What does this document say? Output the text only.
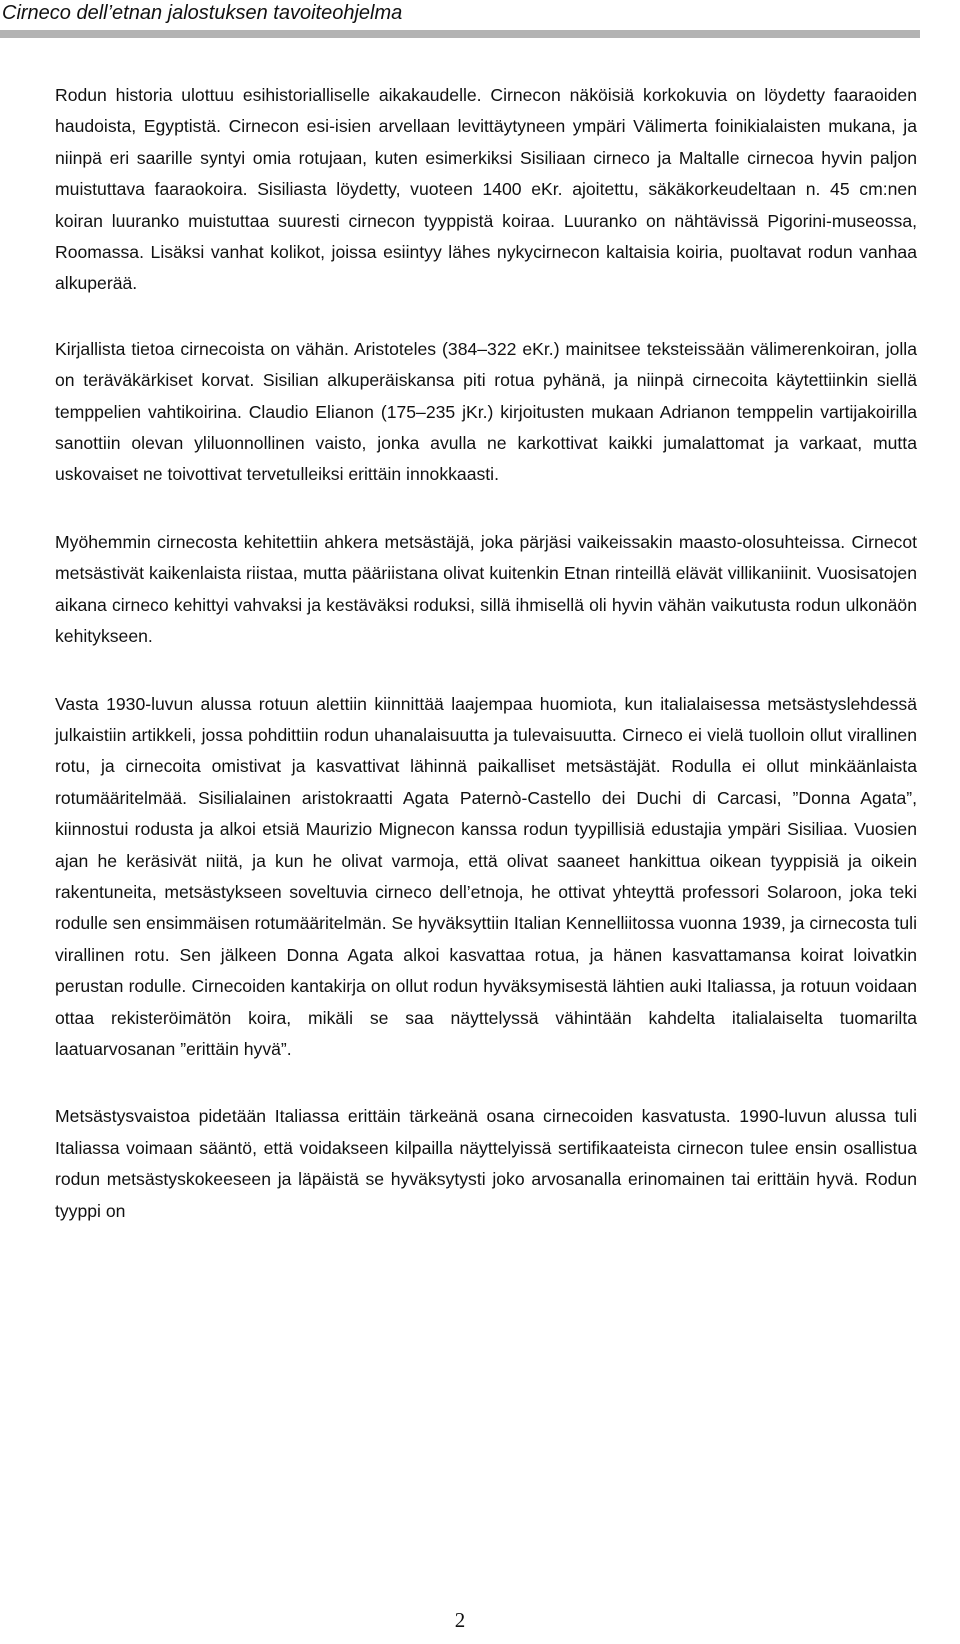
Cirneco dell’etnan jalostuksen tavoiteohjelma

Rodun historia ulottuu esihistorialliselle aikakaudelle. Cirnecon näköisiä korkokuvia on löydetty faaraoiden haudoista, Egyptistä. Cirnecon esi-isien arvellaan levittäytyneen ympäri Välimerta foinikialaisten mukana, ja niinpä eri saarille syntyi omia rotujaan, kuten esimerkiksi Sisiliaan cirneco ja Maltalle cirnecoa hyvin paljon muistuttava faaraokoira. Sisiliasta löydetty, vuoteen 1400 eKr. ajoitettu, säkäkorkeudeltaan n. 45 cm:nen koiran luuranko muistuttaa suuresti cirnecon tyyppistä koiraa. Luuranko on nähtävissä Pigorini-museossa, Roomassa. Lisäksi vanhat kolikot, joissa esiintyy lähes nykycirnecon kaltaisia koiria, puoltavat rodun vanhaa alkuperää.

Kirjallista tietoa cirnecoista on vähän. Aristoteles (384–322 eKr.) mainitsee teksteissään välimerenkoiran, jolla on teräväkärkiset korvat. Sisilian alkuperäiskansa piti rotua pyhänä, ja niinpä cirnecoita käytettiinkin siellä temppelien vahtikoirina. Claudio Elianon (175–235 jKr.) kirjoitusten mukaan Adrianon temppelin vartijakoirilla sanottiin olevan yliluonnollinen vaisto, jonka avulla ne karkottivat kaikki jumalattomat ja varkaat, mutta uskovaiset ne toivottivat tervetulleiksi erittäin innokkaasti.

Myöhemmin cirnecosta kehitettiin ahkera metsästäjä, joka pärjäsi vaikeissakin maasto-olosuhteissa. Cirnecot metsästivät kaikenlaista riistaa, mutta pääriistana olivat kuitenkin Etnan rinteillä elävät villikaniinit. Vuosisatojen aikana cirneco kehittyi vahvaksi ja kestäväksi roduksi, sillä ihmisellä oli hyvin vähän vaikutusta rodun ulkonäön kehitykseen.

Vasta 1930-luvun alussa rotuun alettiin kiinnittää laajempaa huomiota, kun italialaisessa metsästyslehdessä julkaistiin artikkeli, jossa pohdittiin rodun uhanalaisuutta ja tulevaisuutta. Cirneco ei vielä tuolloin ollut virallinen rotu, ja cirnecoita omistivat ja kasvattivat lähinnä paikalliset metsästäjät. Rodulla ei ollut minkäänlaista rotumääritelmää. Sisilialainen aristokraatti Agata Paternò-Castello dei Duchi di Carcasi, ”Donna Agata”, kiinnostui rodusta ja alkoi etsiä Maurizio Mignecon kanssa rodun tyypillisiä edustajia ympäri Sisiliaa. Vuosien ajan he keräsivät niitä, ja kun he olivat varmoja, että olivat saaneet hankittua oikean tyyppisiä ja oikein rakentuneita, metsästykseen soveltuvia cirneco dell’etnoja, he ottivat yhteyttä professori Solaroon, joka teki rodulle sen ensimmäisen rotumääritelmän. Se hyväksyttiin Italian Kennelliitossa vuonna 1939, ja cirnecosta tuli virallinen rotu. Sen jälkeen Donna Agata alkoi kasvattaa rotua, ja hänen kasvattamansa koirat loivatkin perustan rodulle. Cirnecoiden kantakirja on ollut rodun hyväksymisestä lähtien auki Italiassa, ja rotuun voidaan ottaa rekisteröimätön koira, mikäli se saa näyttelyssä vähintään kahdelta italialaiselta tuomarilta laatuarvosanan ”erittäin hyvä”.

Metsästysvaistoa pidetään Italiassa erittäin tärkeänä osana cirnecoiden kasvatusta. 1990-luvun alussa tuli Italiassa voimaan sääntö, että voidakseen kilpailla näyttelyissä sertifikaateista cirnecon tulee ensin osallistua rodun metsästyskokeeseen ja läpäistä se hyväksytysti joko arvosanalla erinomainen tai erittäin hyvä. Rodun tyyppi on

2
